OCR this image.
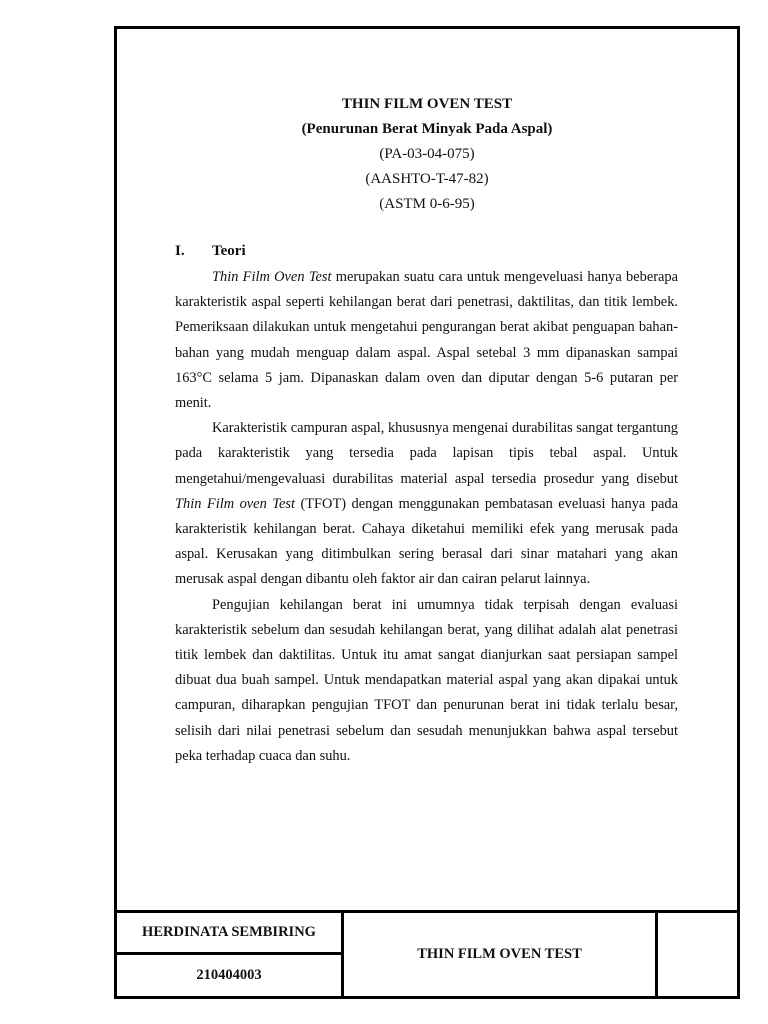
THIN FILM OVEN TEST
(Penurunan Berat Minyak Pada Aspal)
(PA-03-04-075)
(AASHTO-T-47-82)
(ASTM 0-6-95)
I. Teori

Thin Film Oven Test merupakan suatu cara untuk mengeveluasi hanya beberapa karakteristik aspal seperti kehilangan berat dari penetrasi, daktilitas, dan titik lembek. Pemeriksaan dilakukan untuk mengetahui pengurangan berat akibat penguapan bahan-bahan yang mudah menguap dalam aspal. Aspal setebal 3 mm dipanaskan sampai 163°C selama 5 jam. Dipanaskan dalam oven dan diputar dengan 5-6 putaran per menit.

Karakteristik campuran aspal, khususnya mengenai durabilitas sangat tergantung pada karakteristik yang tersedia pada lapisan tipis tebal aspal. Untuk mengetahui/mengevaluasi durabilitas material aspal tersedia prosedur yang disebut Thin Film oven Test (TFOT) dengan menggunakan pembatasan eveluasi hanya pada karakteristik kehilangan berat. Cahaya diketahui memiliki efek yang merusak pada aspal. Kerusakan yang ditimbulkan sering berasal dari sinar matahari yang akan merusak aspal dengan dibantu oleh faktor air dan cairan pelarut lainnya.

Pengujian kehilangan berat ini umumnya tidak terpisah dengan evaluasi karakteristik sebelum dan sesudah kehilangan berat, yang dilihat adalah alat penetrasi titik lembek dan daktilitas. Untuk itu amat sangat dianjurkan saat persiapan sampel dibuat dua buah sampel. Untuk mendapatkan material aspal yang akan dipakai untuk campuran, diharapkan pengujian TFOT dan penurunan berat ini tidak terlalu besar, selisih dari nilai penetrasi sebelum dan sesudah menunjukkan bahwa aspal tersebut peka terhadap cuaca dan suhu.

HERDINATA SEMBIRING
210404003
THIN FILM OVEN TEST
